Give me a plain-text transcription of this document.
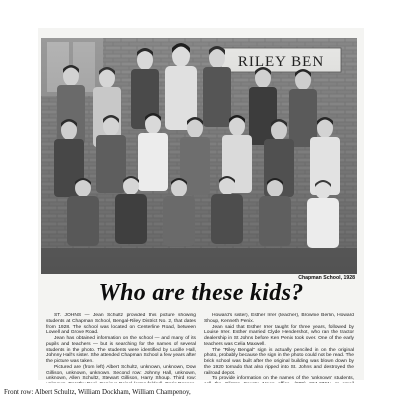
RILEY BEN
Chapman School, 1928
Who are these kids?

ST. JOHNS — Jean Schultz provided this picture showing students at Chapman School, Bengal-Riley District No. 2, that dates from 1928. The school was located on Centerline Road, between Lowell and Grove Road.

Jean has obtained information on the school — and many of its pupils and teachers — but is searching for the names of several students in the photo. The students were identified by Lucille Hall, Johnny Hall's sister. She attended Chapman School a few years after the picture was taken.

Pictured are (from left) Albert Schultz, unknown, unknown, Dow Gillison, unknown, unknown. Second row: Johnny Hall, unknown, unknown, Allen Schultz, Stewart Gillison, Harry Shoup. Third row:

Howard's sister), Esther Irrer (teacher), Brownie Berlin, Howard Shoup, Kenneth Penix.

Jean said that Esther Irrer taught for three years, followed by Louise Irrer. Esther married Clyde Hendershot, who ran the tractor dealership in St Johns before Ken Penix took over. One of the early teachers was Celia Maxwell.

The "Riley Bengal" sign is actually penciled in on the original photo, probably because the sign in the photo could not be read. The brick school was built after the original building was blown down by the 1920 tornado that also ripped into St. Johns and destroyed the railroad depot.

To provide information on the names of the 'unknown' students,

Front row: Albert Schultz, William Dockham, William Champenoy,
